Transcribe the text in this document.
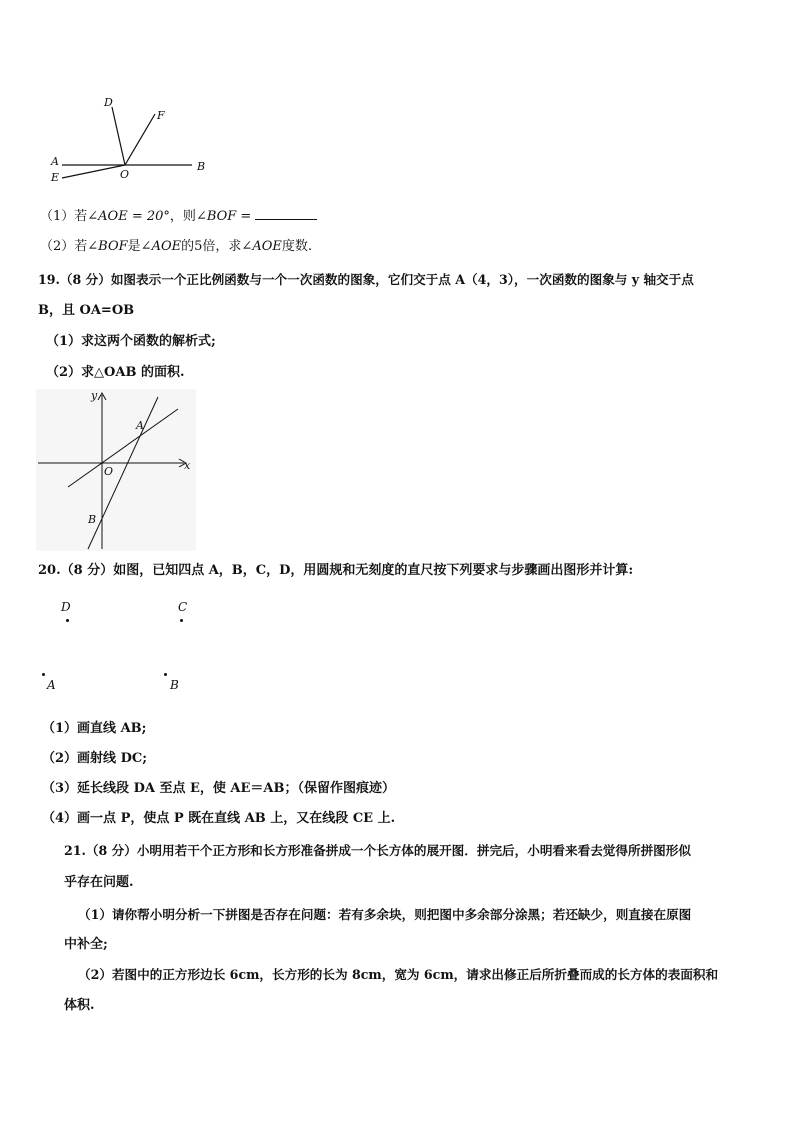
D
F
A
E	O
B
（1）若∠AOE = 20°，则∠BOF =
（2）若∠BOF是∠AOE的5倍，求∠AOE度数.
19.（8 分）如图表示一个正比例函数与一个一次函数的图象，它们交于点 A（4，3），一次函数的图象与 y 轴交于点
B，且 OA=OB
（1）求这两个函数的解析式;
（2）求△OAB 的面积.
y
x
O
A
B
20.（8 分）如图，已知四点 A，B，C，D，用圆规和无刻度的直尺按下列要求与步骤画出图形并计算:
D	C
A	B
（1）画直线 AB;
（2）画射线 DC;
（3）延长线段 DA 至点 E，使 AE＝AB；（保留作图痕迹）
（4）画一点 P，使点 P 既在直线 AB 上，又在线段 CE 上.
21.（8 分）小明用若干个正方形和长方形准备拼成一个长方体的展开图．拼完后，小明看来看去觉得所拼图形似
乎存在问题.
（1）请你帮小明分析一下拼图是否存在问题：若有多余块，则把图中多余部分涂黑；若还缺少，则直接在原图
中补全;
（2）若图中的正方形边长 6cm，长方形的长为 8cm，宽为 6cm，请求出修正后所折叠而成的长方体的表面积和
体积.
